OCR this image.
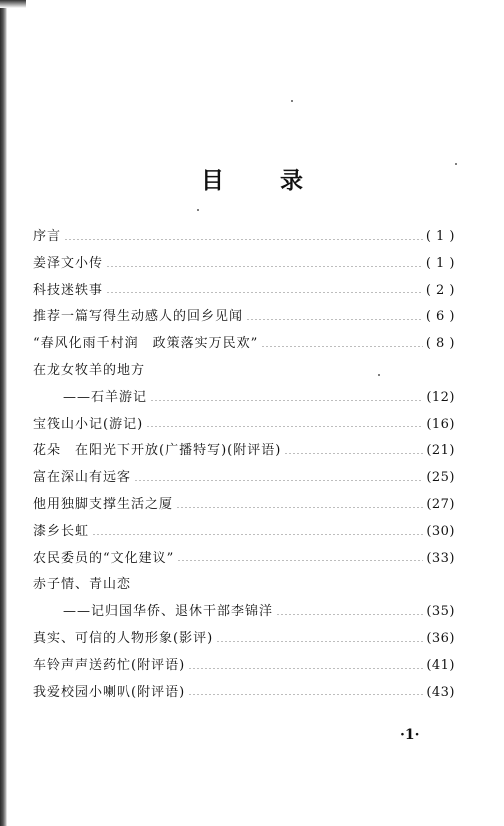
目 录
序言	( 1 )
姜泽文小传	( 1 )
科技迷轶事	( 2 )
推荐一篇写得生动感人的回乡见闻	( 6 )
“春风化雨千村润　政策落实万民欢”	( 8 )
在龙女牧羊的地方
——石羊游记	(12)
宝筏山小记(游记)	(16)
花朵　在阳光下开放(广播特写)(附评语)	(21)
富在深山有远客	(25)
他用独脚支撑生活之厦	(27)
漆乡长虹	(30)
农民委员的“文化建议”	(33)
赤子情、青山恋
——记归国华侨、退休干部李锦洋	(35)
真实、可信的人物形象(影评)	(36)
车铃声声送药忙(附评语)	(41)
我爱校园小喇叭(附评语)	(43)
·1·
